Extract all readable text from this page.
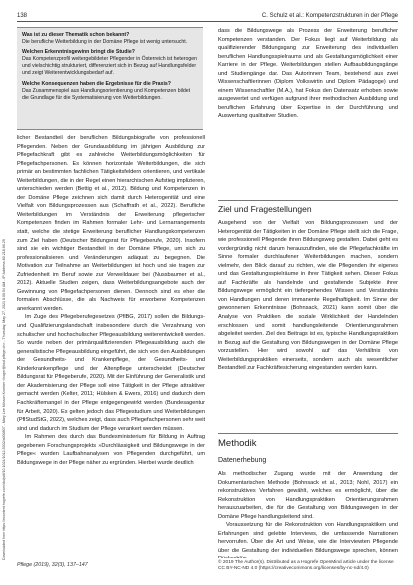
Downloaded from https://econtent.hogrefe.com/doi/pdf/10.1024/1012-5302/a000807 - Mary Lee Nilsson Kroeker <hoger@ksd.pflege.ch> - Thursday, May 27, 2021 8:00:54 AM - IP Address:80.218.66.29
138	C. Schulz et al.: Kompetenzstrukturen in der Pflege

Was ist zu dieser Thematik schon bekannt?

Die berufliche Weiterbildung in der Domäne Pflege ist wenig untersucht.

Welchen Erkenntnisgewinn bringt die Studie?

Das Kompetenzprofil weitergebildeter Pflegender in Österreich ist heterogen und vielschichtig strukturiert, differenziert sich in Bezug auf Handlungsfelder und zeigt Weiterentwicklungsbedarf auf.

Welche Konsequenzen haben die Ergebnisse für die Praxis?

Das Zusammenspiel aus Handlungsorientierung und Kompetenzen bildet die Grundlage für die Systematisierung von Weiterbildungen.

licher Bestandteil der beruflichen Bildungsbiografie von professionell Pflegenden. Neben der Grundausbildung im jährigen Ausbildung zur Pflegefachkraft gibt es zahlreiche Weiterbildungsmöglichkeiten für Pflegefachpersonen. Es können horizontale Weiterbildungen, die sich primär an bestimmten fachlichen Tätigkeitsfeldern orientieren, und vertikale Weiterbildungen, die in der Regel einen hierarchischen Aufstieg implizieren, unterschieden werden (Bettig et al., 2012). Bildung und Kompetenzen in der Domäne Pflege zeichnen sich damit durch Heterogenität und eine Vielfalt von Bildungsprozessen aus (Schaffrath et al., 2022). Berufliche Weiterbildungen im Verständnis der Erweiterung pflegerischer Kompetenzen finden im Rahmen formaler Lehr- und Lernarrangements statt, welche die stetige Erweiterung beruflicher Handlungskompetenzen zum Ziel haben (Deutscher Bildungsrat für Pflegeberufe, 2020). Insofern sind sie ein wichtiger Bestandteil in der Domäne Pflege, um sich zu professionalisieren und Veränderungen adäquat zu begegnen. Die Motivation zur Teilnahme an Weiterbildungen ist hoch und sie tragen zur Zufriedenheit im Beruf sowie zur Verweildauer bei (Nussbaumer et al., 2012). Aktuelle Studien zeigen, dass Weiterbildungsangebote auch der Gewinnung von Pflegefachpersonen dienen. Dennoch sind es eher die formalen Abschlüsse, die als Nachweis für erworbene Kompetenzen anerkannt werden.

Im Zuge des Pflegeberufegesetzes (PflBG, 2017) sollen die Bildungs- und Qualifizierungslandschaft insbesondere durch die Verzahnung von schulischer und hochschulischer Pflegeausbildung weiterentwickelt werden. So wurde neben der primärqualifizierenden Pflegeausbildung auch die generalistische Pflegeausbildung eingeführt, die sich von den Ausbildungen der Gesundheits- und Krankenpflege, der Gesundheits- und Kinderkrankenpflege und der Altenpflege unterscheidet (Deutscher Bildungsrat für Pflegeberufe, 2020). Mit der Einführung der Generalistik und der Akademisierung der Pflege soll eine Tätigkeit in der Pflege attraktiver gemacht werden (Kelter, 2011; Hülsken & Ewers, 2016) und dadurch dem Fachkräftemangel in der Pflege entgegengewirkt werden (Bundesagentur für Arbeit, 2020). Es gelten jedoch das Pflegestudium und Weiterbildungen (PflStudStG, 2022), welches zeigt, dass auch Pflegefachpersonen sehr weit sind und dadurch im Studium der Pflege verankert werden müssen.

Im Rahmen des durch das Bundesministerium für Bildung in Auftrag gegebenen Forschungsprojekts »Durchlässigkeit und Bildungswege in der Pflege« wurden Laufbahnanalysen von Pflegenden durchgeführt, um Bildungswege in der Pflege näher zu ergründen. Hierbei wurde deutlich

dass die Bildungswege als Prozess der Erweiterung beruflicher Kompetenzen verstanden. Der Fokus liegt auf Weiterbildung als qualifizierender Bildungsgang zur Erweiterung des individuellen beruflichen Handlungsspielraums und als Gestaltungsmöglichkeit einer Karriere in der Pflege. Weiterbildungen stellen Aufbaubildungsgänge und Studiengänge dar. Das Autorinnen Team, bestehend aus zwei Wissenschaftlerinnen (Diplom Volkswirtin und Diplom Pädagoge) und einem Wissenschaftler (M.A.), hat Fokus den Datensatz erhoben sowie ausgewertet und verfügen aufgrund ihrer methodischen Ausbildung und beruflichen Erfahrung über Expertise in der Durchführung und Auswertung qualitativer Studien.

Ziel und Fragestellungen

Ausgehend von der Vielfalt von Bildungsprozessen und der Heterogenität der Tätigkeiten in der Domäne Pflege stellt sich die Frage, wie professionell Pflegende ihren Bildungsweg gestalten. Dabei geht es vordergründig nicht darum herauszufinden, wie die Pflegefachkräfte im Sinne formaler durchlaufener Weiterbildungen machen, sondern vielmehr, den Blick darauf zu richten, wie die Pflegenden ihr eigenes und das Gestaltungsspielräume in ihrer Tätigkeit sehen. Dieser Fokus auf Fachkräfte als handelnde und gestaltende Subjekte ihrer Bildungswege ermöglicht ein tiefergehendes Wissen und Verständnis von Handlungen und deren immanente Regelhaftigkeit. Im Sinne der gewonnenen Erkenntnisse (Bohnsack, 2021) kann somit über die Analyse von Praktiken die soziale Wirklichkeit der Handelnden erschlossen und somit handlungsleitende Orientierungsrahmen abgeleitet werden. Ziel des Beitrags ist es, typische Handlungspraktiken in Bezug auf die Gestaltung von Bildungswegen in der Domäne Pflege vorzustellen. Hier wird sowohl auf das Verhältnis von Weiterbildungspraktiken einerseits, sondern auch als wesentlicher Bestandteil zur Fachkräftesicherung eingestanden werden kann.

Methodik
Datenerhebung

Als methodischer Zugang wurde mit der Anwendung der Dokumentarischen Methode (Bohnsack et al., 2013; Nohl, 2017) ein rekonstruktives Verfahren gewählt, welches es ermöglicht, über die Rekonstruktion von Handlungspraktiken Orientierungsrahmen herauszuarbeiten, die für die Gestaltung von Bildungswegen in der Domäne Pflege handlungsleitend sind.

Voraussetzung für die Rekonstruktion von Handlungspraktiken und Erfahrungen sind gelebte Interviews, die umfassende Narrationen hervorrufen. Über die Art und Weise, wie die Interviewten Pflegende über die Gestaltung der individuellen Bildungswege sprechen, können

Pflege (2019), 32(3), 137–147	© 2019 The Author(s). Distributed as a Hogrefe OpenMind article under the license CC BY-NC-ND 4.0 (https://creativecommons.org/licenses/by-nc-nd/4.0)
